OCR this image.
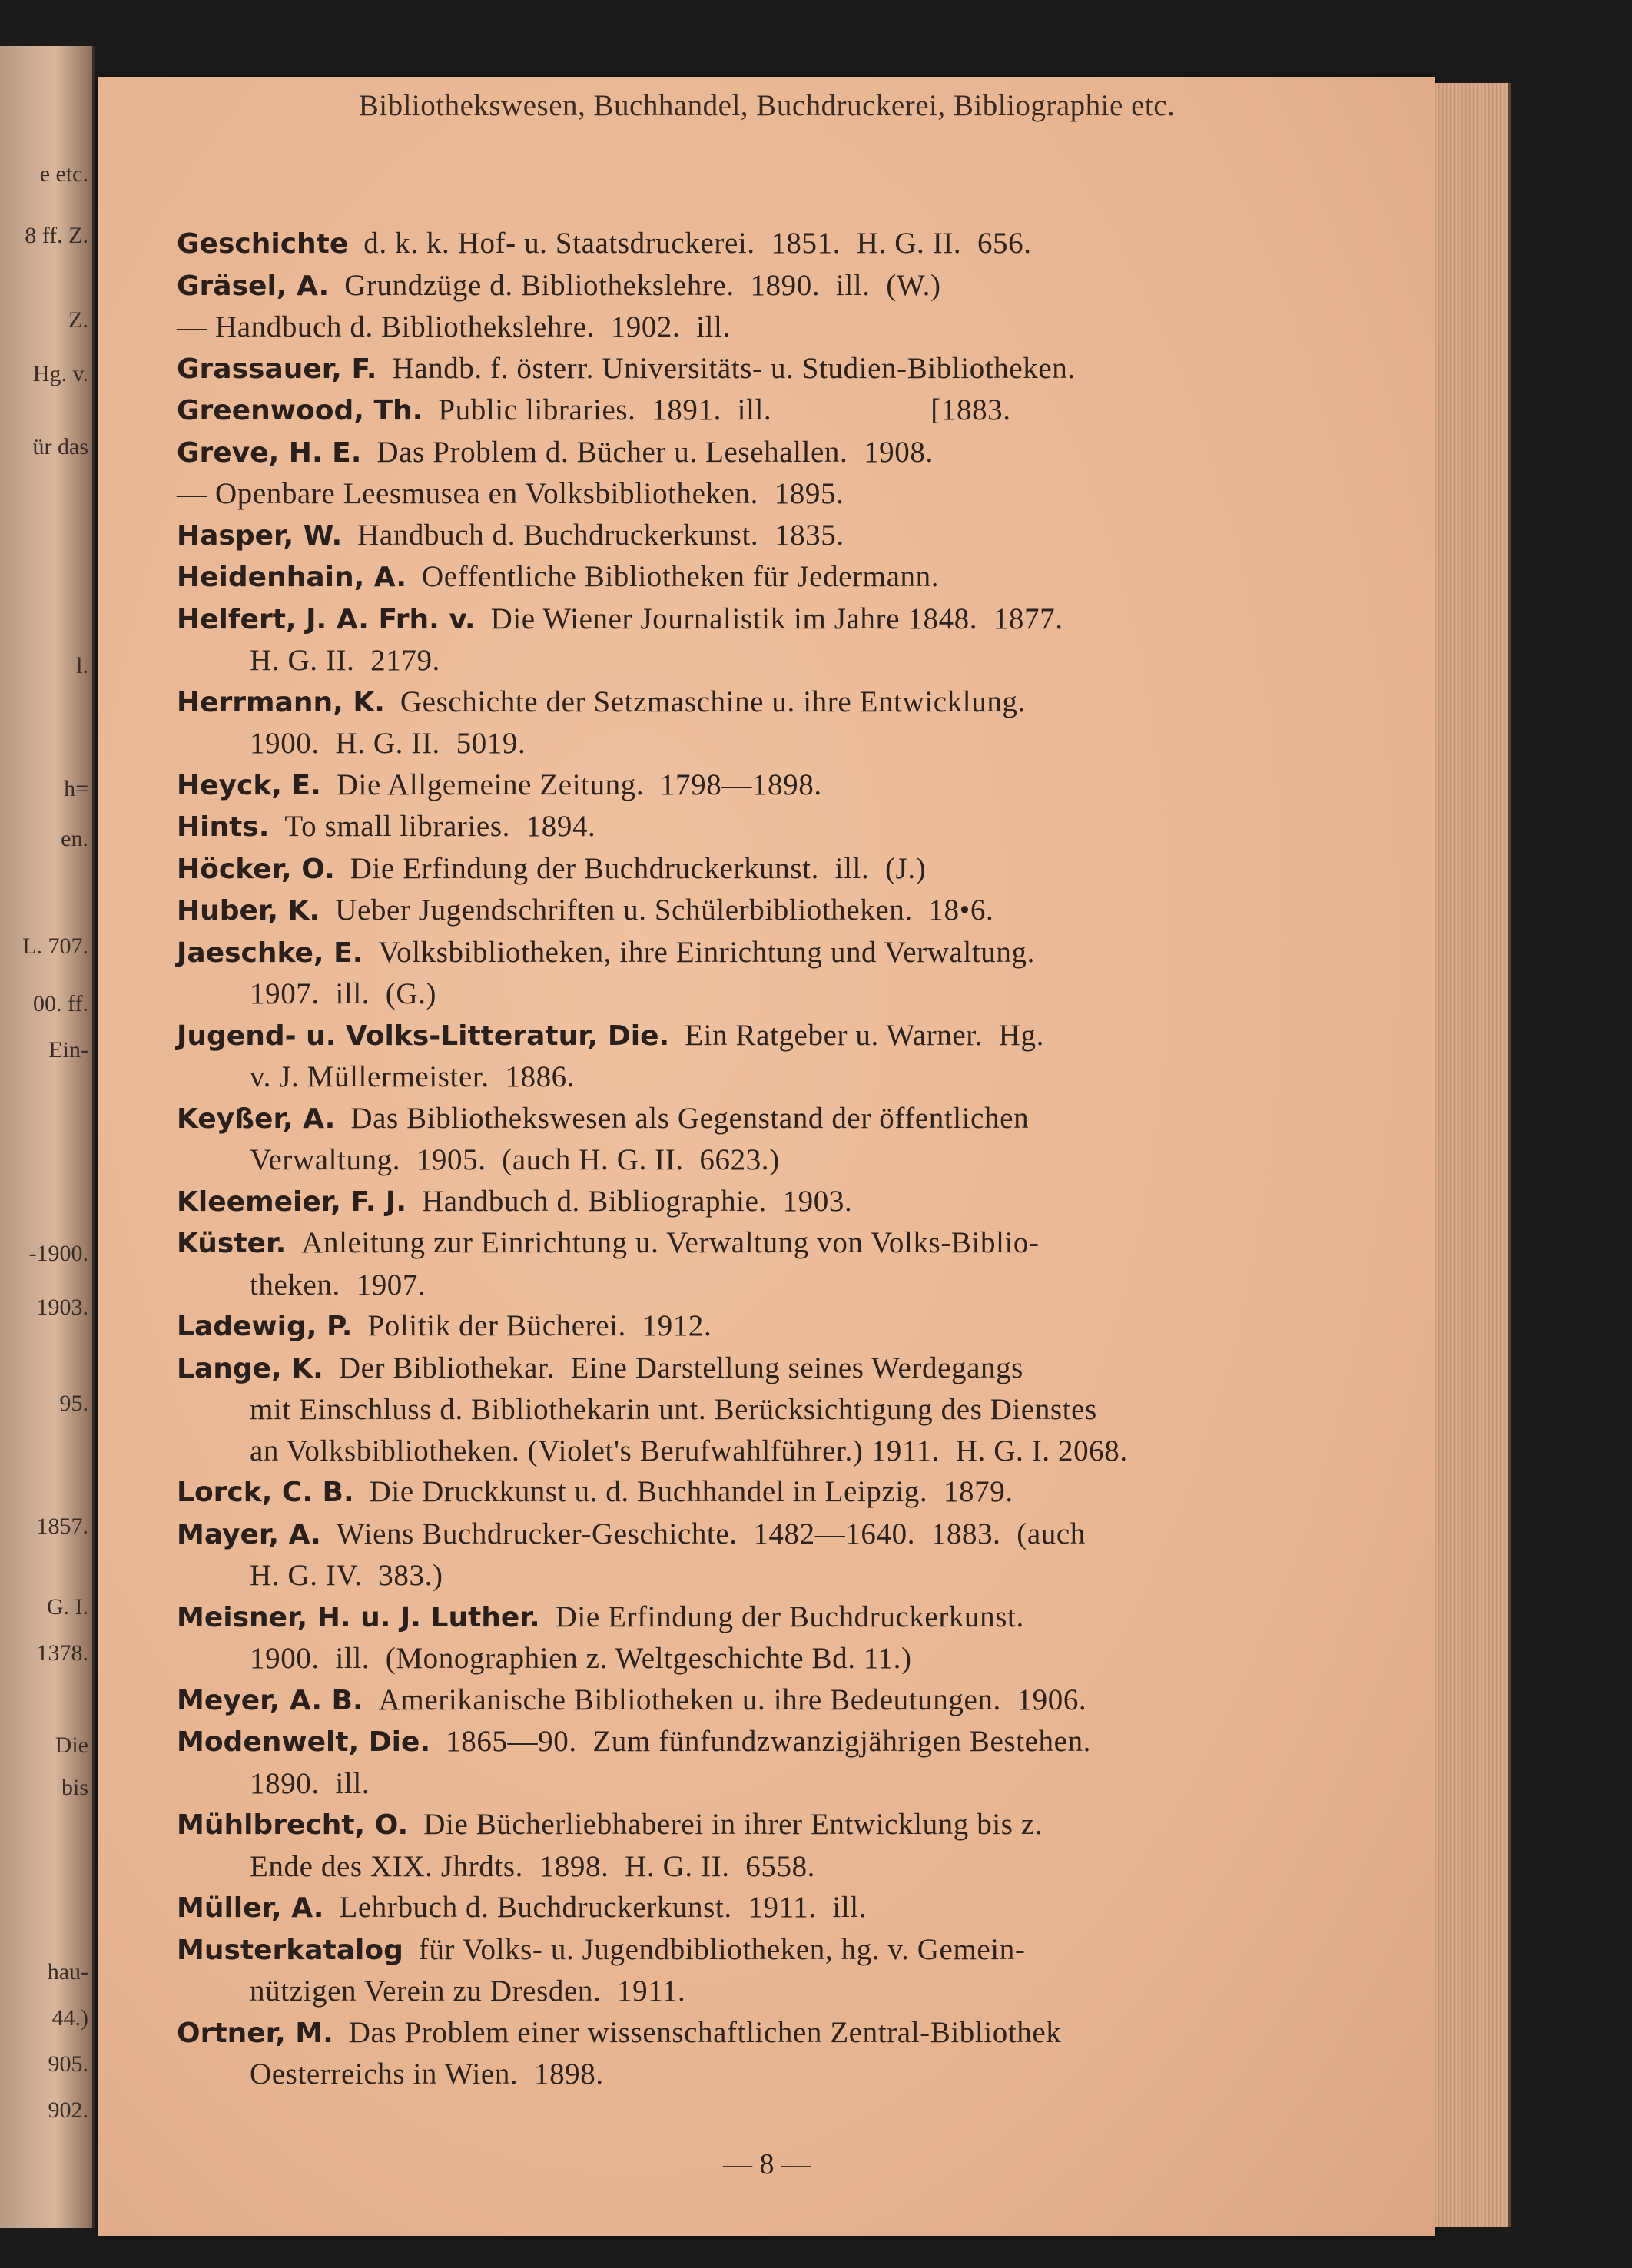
e etc.
8 ff. Z.
Z.
Hg. v.
ür das
l.
h=
en.
L. 707.
00. ff.
Ein-
-1900.
1903.
95.
1857.
G. I.
1378.
Die
bis
hau-
44.)
905.
902.
Bibliothekswesen, Buchhandel, Buchdruckerei, Bibliographie etc.
Geschichte d. k. k. Hof- u. Staatsdruckerei.  1851.  H. G. II.  656.
Gräsel, A. Grundzüge d. Bibliothekslehre.  1890.  ill.  (W.)
— Handbuch d. Bibliothekslehre.  1902.  ill.
Grassauer, F. Handb. f. österr. Universitäts- u. Studien-Bibliotheken.
Greenwood, Th. Public libraries.  1891.  ill.                    [1883.
Greve, H. E. Das Problem d. Bücher u. Lesehallen.  1908.
— Openbare Leesmusea en Volksbibliotheken.  1895.
Hasper, W. Handbuch d. Buchdruckerkunst.  1835.
Heidenhain, A. Oeffentliche Bibliotheken für Jedermann.
Helfert, J. A. Frh. v. Die Wiener Journalistik im Jahre 1848.  1877.
H. G. II.  2179.
Herrmann, K. Geschichte der Setzmaschine u. ihre Entwicklung.
1900.  H. G. II.  5019.
Heyck, E. Die Allgemeine Zeitung.  1798—1898.
Hints. To small libraries.  1894.
Höcker, O. Die Erfindung der Buchdruckerkunst.  ill.  (J.)
Huber, K. Ueber Jugendschriften u. Schülerbibliotheken.  18•6.
Jaeschke, E. Volksbibliotheken, ihre Einrichtung und Verwaltung.
1907.  ill.  (G.)
Jugend- u. Volks-Litteratur, Die. Ein Ratgeber u. Warner.  Hg.
v. J. Müllermeister.  1886.
Keyßer, A. Das Bibliothekswesen als Gegenstand der öffentlichen
Verwaltung.  1905.  (auch H. G. II.  6623.)
Kleemeier, F. J. Handbuch d. Bibliographie.  1903.
Küster. Anleitung zur Einrichtung u. Verwaltung von Volks-Biblio-
theken.  1907.
Ladewig, P. Politik der Bücherei.  1912.
Lange, K. Der Bibliothekar.  Eine Darstellung seines Werdegangs
mit Einschluss d. Bibliothekarin unt. Berücksichtigung des Dienstes
an Volksbibliotheken. (Violet's Berufwahlführer.) 1911.  H. G. I. 2068.
Lorck, C. B. Die Druckkunst u. d. Buchhandel in Leipzig.  1879.
Mayer, A. Wiens Buchdrucker-Geschichte.  1482—1640.  1883.  (auch
H. G. IV.  383.)
Meisner, H. u. J. Luther. Die Erfindung der Buchdruckerkunst.
1900.  ill.  (Monographien z. Weltgeschichte Bd. 11.)
Meyer, A. B. Amerikanische Bibliotheken u. ihre Bedeutungen.  1906.
Modenwelt, Die. 1865—90.  Zum fünfundzwanzigjährigen Bestehen.
1890.  ill.
Mühlbrecht, O. Die Bücherliebhaberei in ihrer Entwicklung bis z.
Ende des XIX. Jhrdts.  1898.  H. G. II.  6558.
Müller, A. Lehrbuch d. Buchdruckerkunst.  1911.  ill.
Musterkatalog für Volks- u. Jugendbibliotheken, hg. v. Gemein-
nützigen Verein zu Dresden.  1911.
Ortner, M. Das Problem einer wissenschaftlichen Zentral-Bibliothek
Oesterreichs in Wien.  1898.
— 8 —
